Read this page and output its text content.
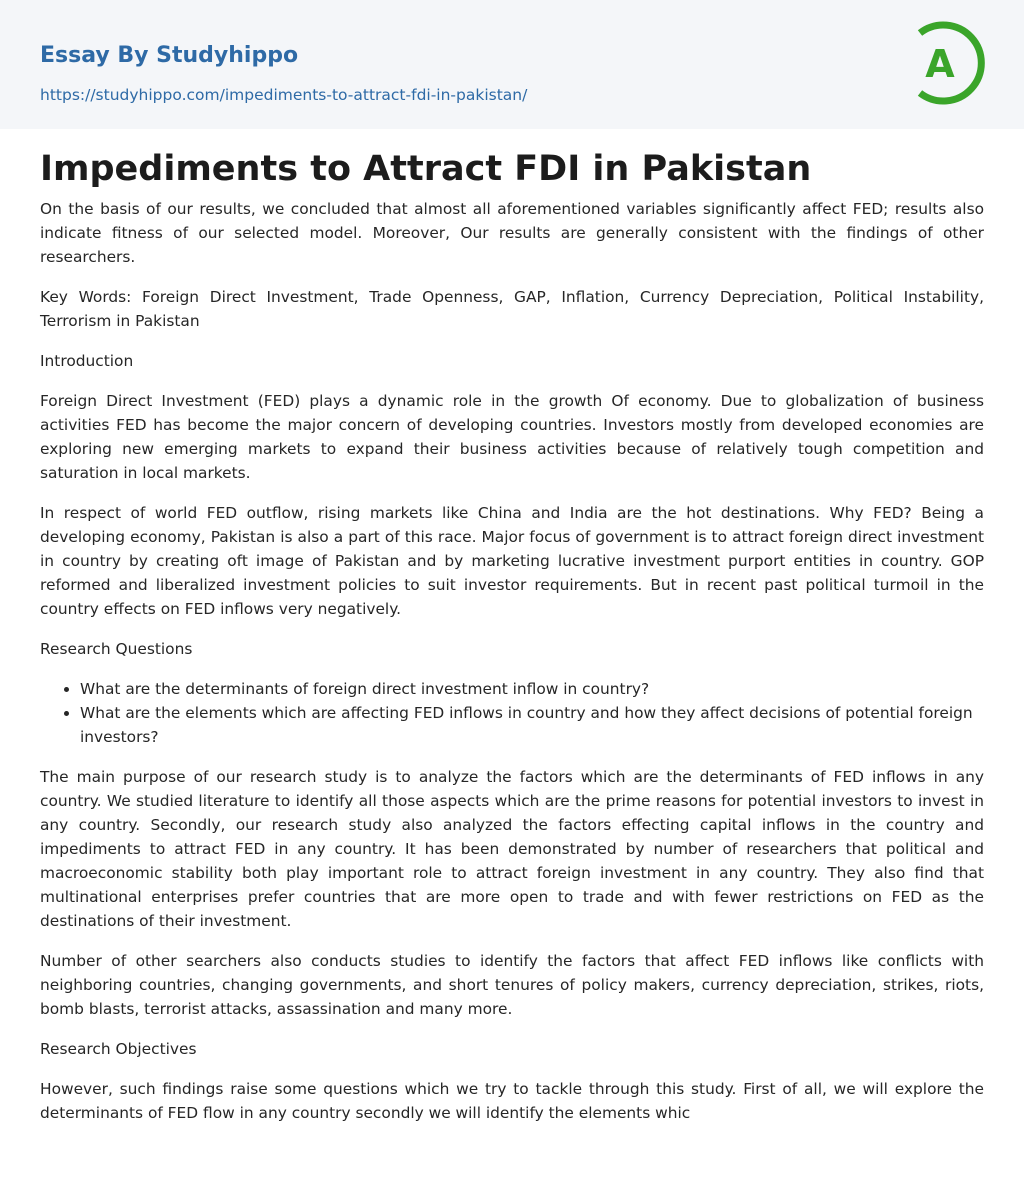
Essay By Studyhippo
https://studyhippo.com/impediments-to-attract-fdi-in-pakistan/
A
Impediments to Attract FDI in Pakistan

On the basis of our results, we concluded that almost all aforementioned variables significantly affect FED; results also indicate fitness of our selected model. Moreover, Our results are generally consistent with the findings of other researchers.

Key Words: Foreign Direct Investment, Trade Openness, GAP, Inflation, Currency Depreciation, Political Instability, Terrorism in Pakistan

Introduction

Foreign Direct Investment (FED) plays a dynamic role in the growth Of economy. Due to globalization of business activities FED has become the major concern of developing countries. Investors mostly from developed economies are exploring new emerging markets to expand their business activities because of relatively tough competition and saturation in local markets.

In respect of world FED outflow, rising markets like China and India are the hot destinations. Why FED? Being a developing economy, Pakistan is also a part of this race. Major focus of government is to attract foreign direct investment in country by creating oft image of Pakistan and by marketing lucrative investment purport entities in country. GOP reformed and liberalized investment policies to suit investor requirements. But in recent past political turmoil in the country effects on FED inflows very negatively.

Research Questions

• What are the determinants of foreign direct investment inflow in country?
• What are the elements which are affecting FED inflows in country and how they affect decisions of potential foreign investors?

The main purpose of our research study is to analyze the factors which are the determinants of FED inflows in any country. We studied literature to identify all those aspects which are the prime reasons for potential investors to invest in any country. Secondly, our research study also analyzed the factors effecting capital inflows in the country and impediments to attract FED in any country. It has been demonstrated by number of researchers that political and macroeconomic stability both play important role to attract foreign investment in any country. They also find that multinational enterprises prefer countries that are more open to trade and with fewer restrictions on FED as the destinations of their investment.

Number of other searchers also conducts studies to identify the factors that affect FED inflows like conflicts with neighboring countries, changing governments, and short tenures of policy makers, currency depreciation, strikes, riots, bomb blasts, terrorist attacks, assassination and many more.

Research Objectives

However, such findings raise some questions which we try to tackle through this study. First of all, we will explore the determinants of FED flow in any country secondly we will identify the elements whic
